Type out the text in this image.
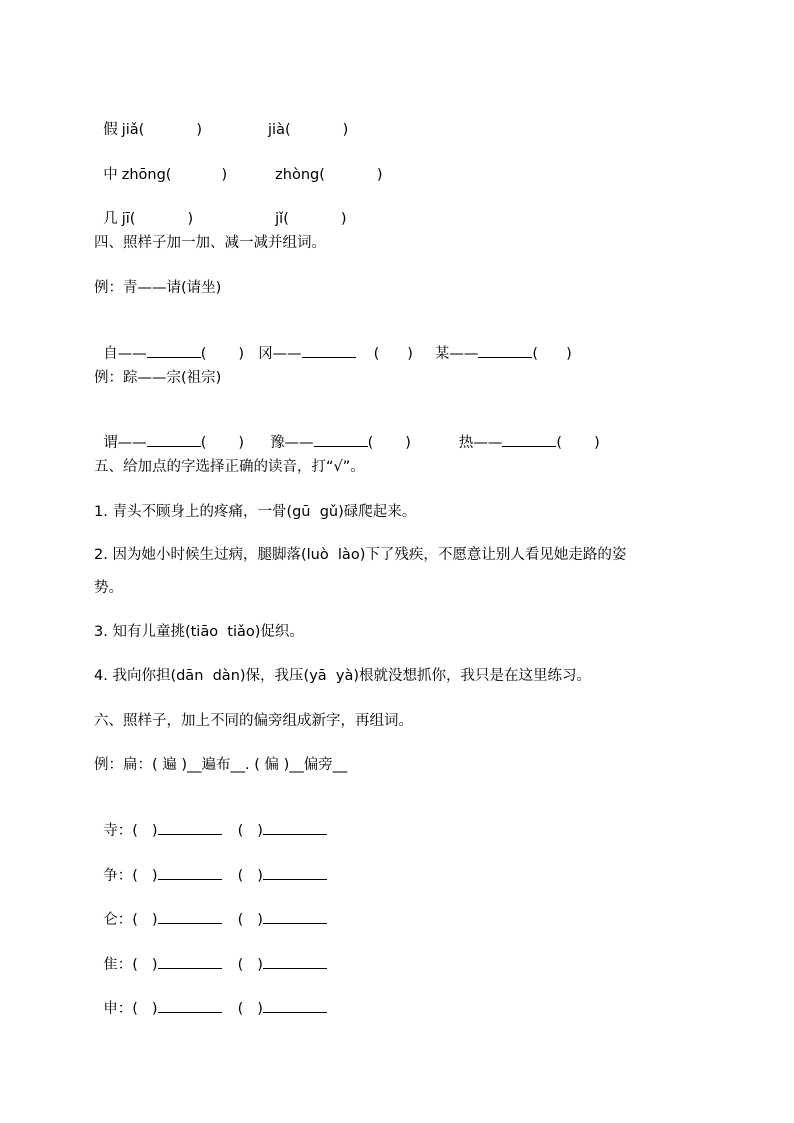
假 jiǎ(	)	jià(	)

中 zhōng(	)	zhòng(	)

几 jī(	)	jǐ(	)

四、照样子加一加、减一减并组词。
例：青——请(请坐)

自——	( ) 冈——	( ) 某——	( )

例：踪——宗(祖宗)

谓——	( ) 豫——	( )	热——	( )

五、给加点的字选择正确的读音，打“√”。
1. 青头不顾身上的疼痛，一骨(gū  gǔ)碌爬起来。
2. 因为她小时候生过病，腿脚落(luò  lào)下了残疾，不愿意让别人看见她走路的姿
势。
3. 知有儿童挑(tiāo  tiǎo)促织。
4. 我向你担(dān  dàn)保，我压(yā  yà)根就没想抓你，我只是在这里练习。
六、照样子，加上不同的偏旁组成新字，再组词。
例：扁：( 遍 )__遍布__. ( 偏 )__偏旁__

寺：( )	( )

争：( )	( )

仑：( )	( )

隹：( )	( )

申：( )	( )
